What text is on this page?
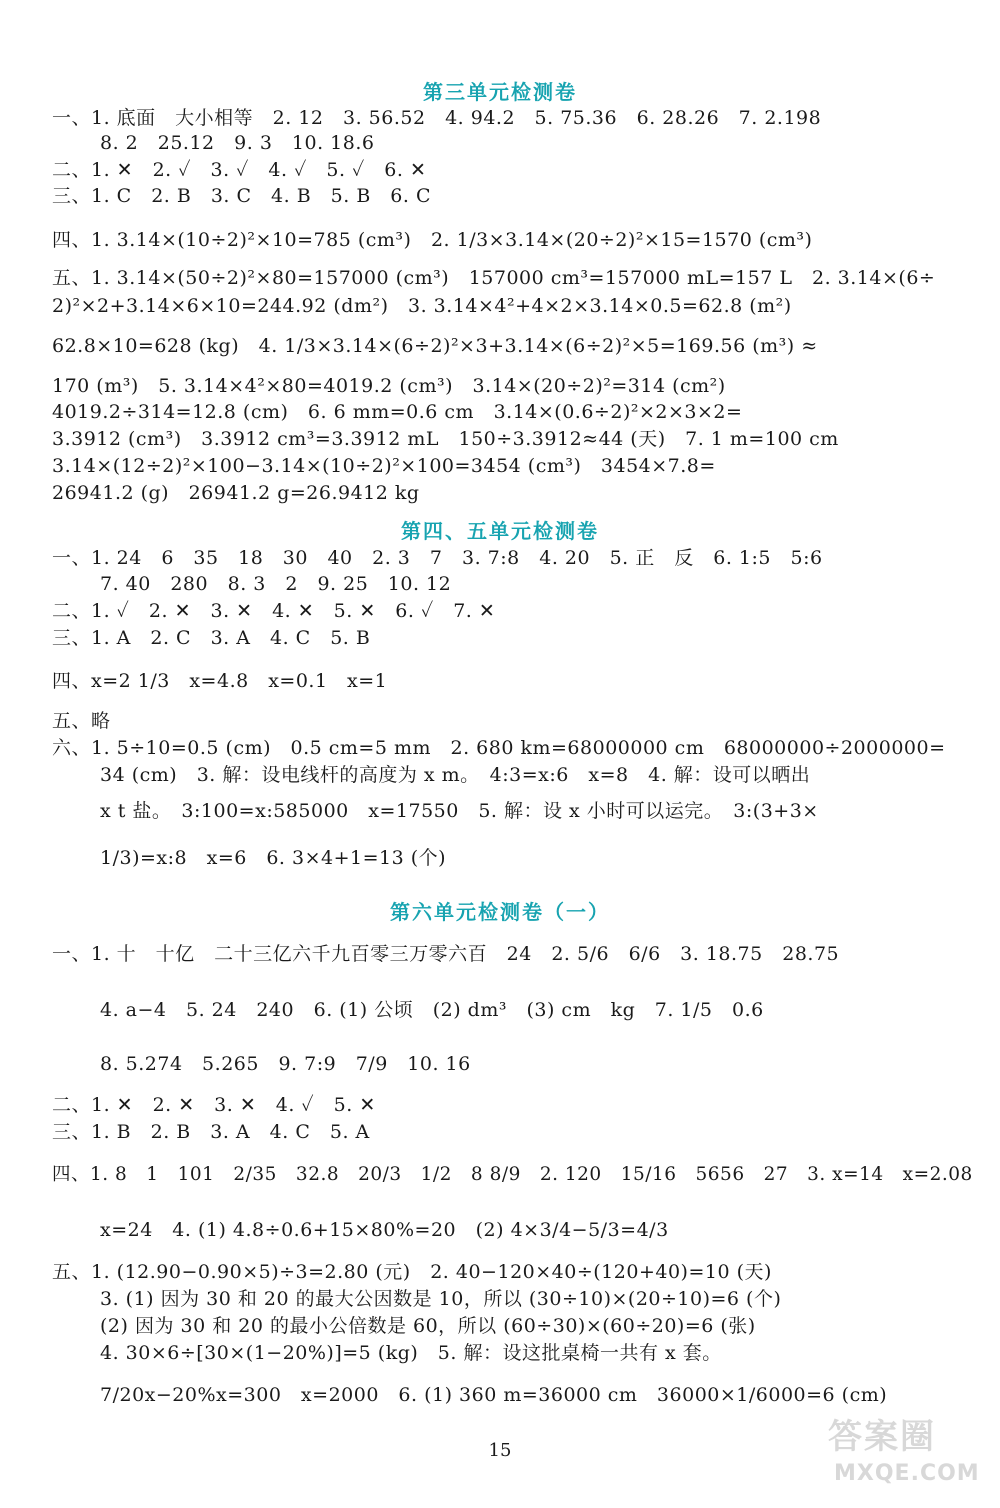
第三单元检测卷
一、1. 底面　大小相等　2. 12　3. 56.52　4. 94.2　5. 75.36　6. 28.26　7. 2.198
8. 2　25.12　9. 3　10. 18.6
二、1. ✕　2. ✓　3. ✓　4. ✓　5. ✓　6. ✕
三、1. C　2. B　3. C　4. B　5. B　6. C
四、1. 3.14×(10÷2)²×10=785 (cm³)　2. 1/3×3.14×(20÷2)²×15=1570 (cm³)
五、1. 3.14×(50÷2)²×80=157000 (cm³)　157000 cm³=157000 mL=157 L　2. 3.14×(6÷
2)²×2+3.14×6×10=244.92 (dm²)　3. 3.14×4²+4×2×3.14×0.5=62.8 (m²)
62.8×10=628 (kg)　4. 1/3×3.14×(6÷2)²×3+3.14×(6÷2)²×5=169.56 (m³) ≈
170 (m³)　5. 3.14×4²×80=4019.2 (cm³)　3.14×(20÷2)²=314 (cm²)
4019.2÷314=12.8 (cm)　6. 6 mm=0.6 cm　3.14×(0.6÷2)²×2×3×2=
3.3912 (cm³)　3.3912 cm³=3.3912 mL　150÷3.3912≈44 (天)　7. 1 m=100 cm
3.14×(12÷2)²×100−3.14×(10÷2)²×100=3454 (cm³)　3454×7.8=
26941.2 (g)　26941.2 g=26.9412 kg
第四、五单元检测卷
一、1. 24　6　35　18　30　40　2. 3　7　3. 7:8　4. 20　5. 正　反　6. 1:5　5:6
7. 40　280　8. 3　2　9. 25　10. 12
二、1. ✓　2. ✕　3. ✕　4. ✕　5. ✕　6. ✓　7. ✕
三、1. A　2. C　3. A　4. C　5. B
四、x=2 1/3　x=4.8　x=0.1　x=1
五、略
六、1. 5÷10=0.5 (cm)　0.5 cm=5 mm　2. 680 km=68000000 cm　68000000÷2000000=
34 (cm)　3. 解：设电线杆的高度为 x m。　4:3=x:6　x=8　4. 解：设可以晒出
x t 盐。　3:100=x:585000　x=17550　5. 解：设 x 小时可以运完。　3:(3+3×
1/3)=x:8　x=6　6. 3×4+1=13 (个)
第六单元检测卷（一）
一、1. 十　十亿　二十三亿六千九百零三万零六百　24　2. 5/6　6/6　3. 18.75　28.75
4. a−4　5. 24　240　6. (1) 公顷　(2) dm³　(3) cm　kg　7. 1/5　0.6
8. 5.274　5.265　9. 7:9　7/9　10. 16
二、1. ✕　2. ✕　3. ✕　4. ✓　5. ✕
三、1. B　2. B　3. A　4. C　5. A
四、1. 8　1　101　2/35　32.8　20/3　1/2　8 8/9　2. 120　15/16　5656　27　3. x=14　x=2.08
x=24　4. (1) 4.8÷0.6+15×80%=20　(2) 4×3/4−5/3=4/3
五、1. (12.90−0.90×5)÷3=2.80 (元)　2. 40−120×40÷(120+40)=10 (天)
3. (1) 因为 30 和 20 的最大公因数是 10，所以 (30÷10)×(20÷10)=6 (个)
(2) 因为 30 和 20 的最小公倍数是 60，所以 (60÷30)×(60÷20)=6 (张)
4. 30×6÷[30×(1−20%)]=5 (kg)　5. 解：设这批桌椅一共有 x 套。
7/20x−20%x=300　x=2000　6. (1) 360 m=36000 cm　36000×1/6000=6 (cm)
15	答案圈
MXQE.COM
